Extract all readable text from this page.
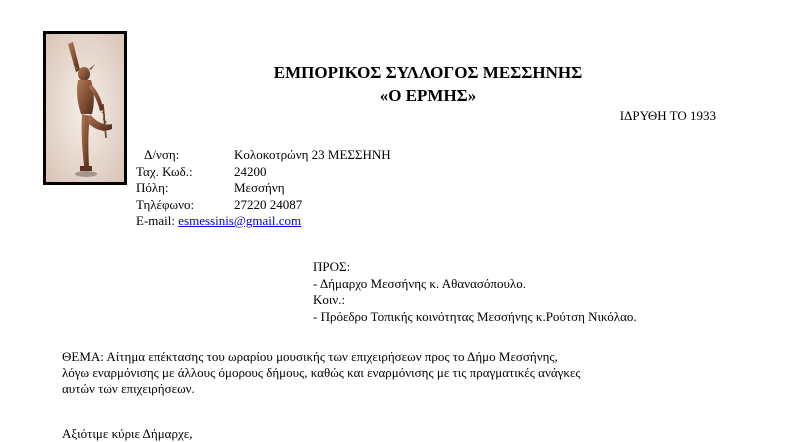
ΕΜΠΟΡΙΚΟΣ ΣΥΛΛΟΓΟΣ ΜΕΣΣΗΝΗΣ
«Ο ΕΡΜΗΣ»
ΙΔΡΥΘΗ ΤΟ 1933
Δ/νση:	Κολοκοτρώνη 23 ΜΕΣΣΗΝΗ
Ταχ. Κωδ.:	24200
Πόλη:	Μεσσήνη
Τηλέφωνο:	27220 24087
E-mail: esmessinis@gmail.com
ΠΡΟΣ:
- Δήμαρχο Μεσσήνης κ. Αθανασόπουλο.
Κοιν.:
- Πρόεδρο Τοπικής κοινότητας Μεσσήνης κ.Ρούτση Νικόλαο.
ΘΕΜΑ: Αίτημα επέκτασης του ωραρίου μουσικής των επιχειρήσεων προς το Δήμο Μεσσήνης,
λόγω εναρμόνισης με άλλους όμορους δήμους, καθώς και εναρμόνισης με τις πραγματικές ανάγκες
αυτών των επιχειρήσεων.
Αξιότιμε κύριε Δήμαρχε,
